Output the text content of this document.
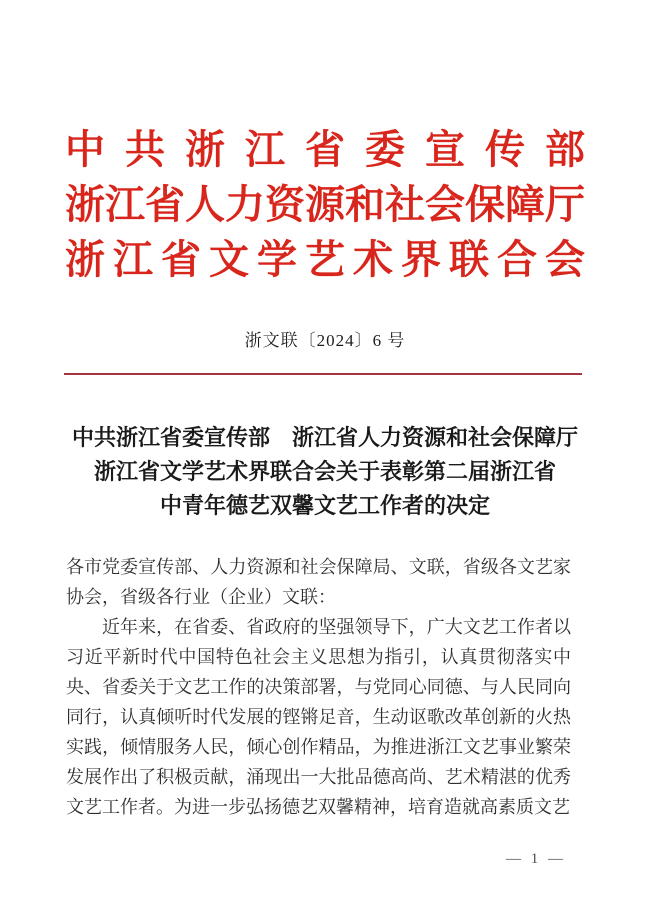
中 共 浙 江 省 委 宣 传 部
浙 江 省 人 力 资 源 和 社 会 保 障 厅
浙 江 省 文 学 艺 术 界 联 合 会
浙文联〔2024〕6 号
中共浙江省委宣传部　浙江省人力资源和社会保障厅
浙江省文学艺术界联合会关于表彰第二届浙江省
中青年德艺双馨文艺工作者的决定

各市党委宣传部、人力资源和社会保障局、文联，省级各文艺家协会，省级各行业（企业）文联：

近年来，在省委、省政府的坚强领导下，广大文艺工作者以习近平新时代中国特色社会主义思想为指引，认真贯彻落实中央、省委关于文艺工作的决策部署，与党同心同德、与人民同向同行，认真倾听时代发展的铿锵足音，生动讴歌改革创新的火热实践，倾情服务人民，倾心创作精品，为推进浙江文艺事业繁荣发展作出了积极贡献，涌现出一大批品德高尚、艺术精湛的优秀文艺工作者。为进一步弘扬德艺双馨精神，培育造就高素质文艺

— 1 —
